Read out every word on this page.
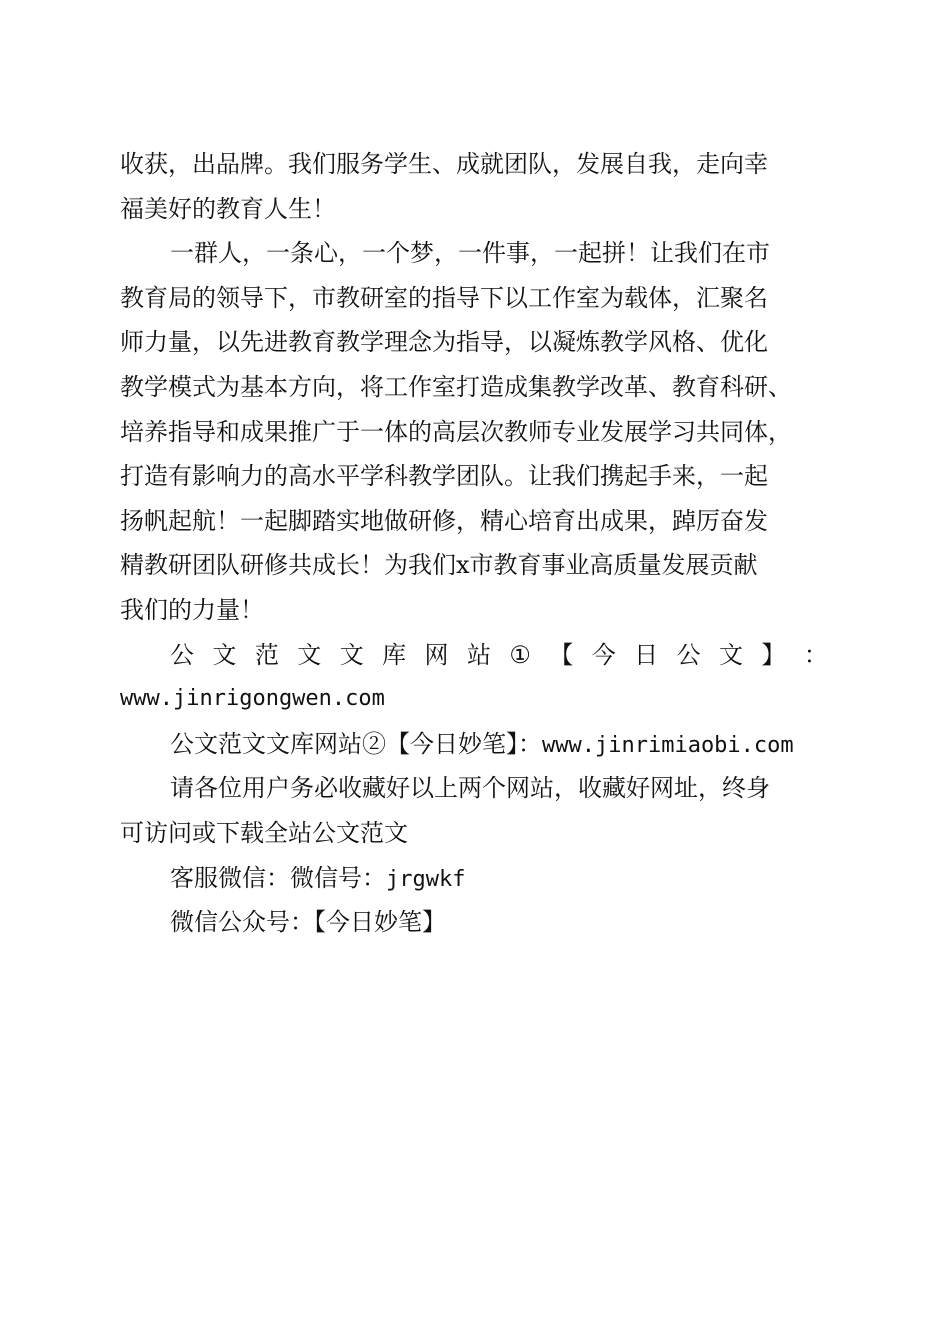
收获，出品牌。我们服务学生、成就团队，发展自我，走向幸

福美好的教育人生！

一群人，一条心，一个梦，一件事，一起拼！让我们在市

教育局的领导下，市教研室的指导下以工作室为载体，汇聚名

师力量，以先进教育教学理念为指导，以凝炼教学风格、优化

教学模式为基本方向，将工作室打造成集教学改革、教育科研、

培养指导和成果推广于一体的高层次教师专业发展学习共同体，

打造有影响力的高水平学科教学团队。让我们携起手来，一起

扬帆起航！一起脚踏实地做研修，精心培育出成果，踔厉奋发

精教研团队研修共成长！为我们x市教育事业高质量发展贡献

我们的力量！

公 文 范 文 文 库 网 站 ① 【 今 日 公 文 】 ：

www.jinrigongwen.com

公文范文文库网站②【今日妙笔】：www.jinrimiaobi.com

请各位用户务必收藏好以上两个网站，收藏好网址，终身

可访问或下载全站公文范文

客服微信：微信号：jrgwkf

微信公众号：【今日妙笔】
